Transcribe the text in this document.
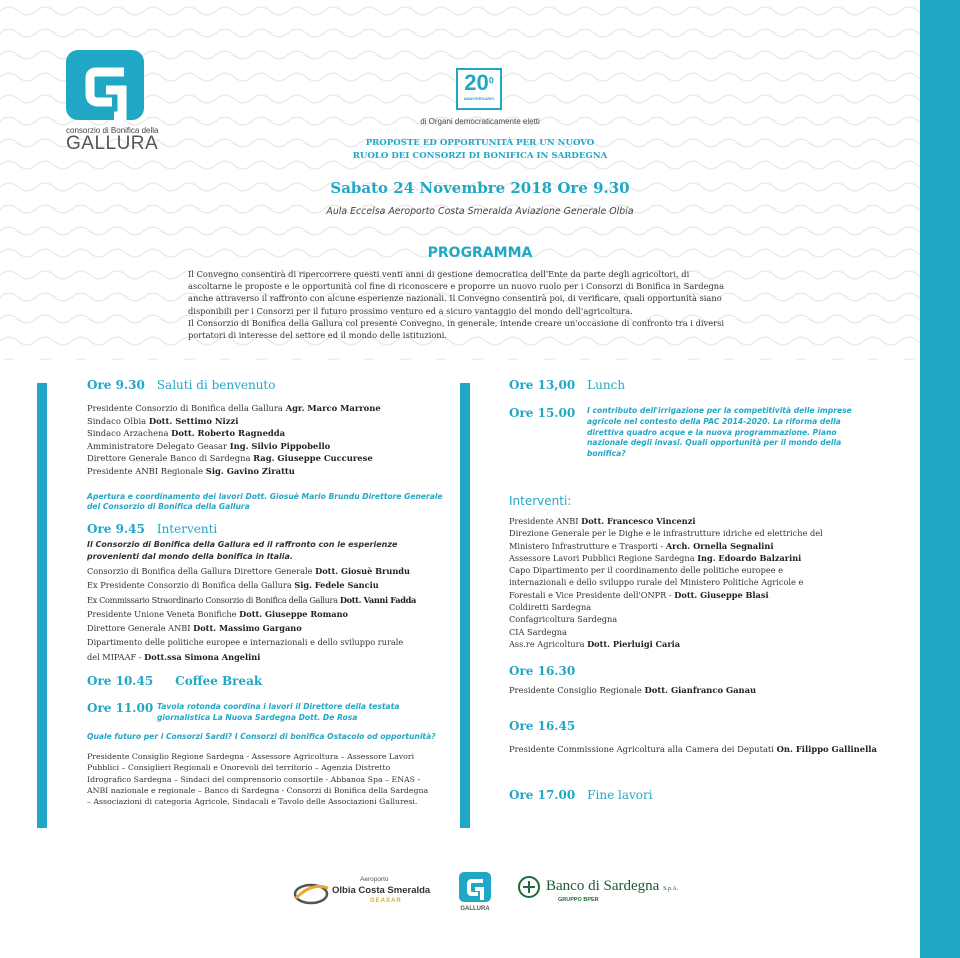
consorzio di Bonifica della
GALLURA
$20^0$
ANNIVERSARIO
di Organi democraticamente eletti
PROPOSTE ED OPPORTUNITÀ PER UN NUOVO
RUOLO DEI CONSORZI DI BONIFICA IN SARDEGNA
Sabato 24 Novembre 2018 Ore 9.30
Aula Eccelsa Aeroporto Costa Smeralda Aviazione Generale Olbia
PROGRAMMA
Il Convegno consentirà di ripercorrere questi venti anni di gestione democratica dell'Ente da parte degli agricoltori, di
ascoltarne le proposte e le opportunità col fine di riconoscere e proporre un nuovo ruolo per i Consorzi di Bonifica in Sardegna
anche attraverso il raffronto con alcune esperienze nazionali. Il Convegno consentirà poi, di verificare, quali opportunità siano
disponibili per i Consorzi per il futuro prossimo venturo ed a sicuro vantaggio del mondo dell'agricoltura.
Il Consorzio di Bonifica della Gallura col presente Convegno, in generale, intende creare un'occasione di confronto tra i diversi
portatori di interesse del settore ed il mondo delle istituzioni.
Ore 9.30 Saluti di benvenuto
Presidente Consorzio di Bonifica della Gallura Agr. Marco Marrone
Sindaco Olbia Dott. Settimo Nizzi
Sindaco Arzachena Dott. Roberto Ragnedda
Amministratore Delegato Geasar Ing. Silvio Pippobello
Direttore Generale Banco di Sardegna Rag. Giuseppe Cuccurese
Presidente ANBI Regionale Sig. Gavino Zirattu
Apertura e coordinamento dei lavori Dott. Giosuè Mario Brundu Direttore Generale
del Consorzio di Bonifica della Gallura
Ore 9.45 Interventi
Il Consorzio di Bonifica della Gallura ed il raffronto con le esperienze
provenienti dal mondo della bonifica in Italia.
Consorzio di Bonifica della Gallura Direttore Generale Dott. Giosuè Brundu
Ex Presidente Consorzio di Bonifica della Gallura Sig. Fedele Sanciu
Ex Commissario Straordinario Consorzio di Bonifica della Gallura Dott. Vanni Fadda
Presidente Unione Veneta Bonifiche Dott. Giuseppe Romano
Direttore Generale ANBI Dott. Massimo Gargano
Dipartimento delle politiche europee e internazionali e dello sviluppo rurale
del MIPAAF - Dott.ssa Simona Angelini
Ore 10.45 Coffee Break
Ore 11.00 Tavola rotonda coordina i lavori il Direttore della testata
giornalistica La Nuova Sardegna Dott. De Rosa
Quale futuro per i Consorzi Sardi? I Consorzi di bonifica Ostacolo od opportunità?
Presidente Consiglio Regione Sardegna - Assessore Agricoltura – Assessore Lavori
Pubblici – Consiglieri Regionali e Onorevoli del territorio – Agenzia Distretto
Idrografico Sardegna – Sindaci del comprensorio consortile - Abbanoa Spa – ENAS -
ANBI nazionale e regionale – Banco di Sardegna - Consorzi di Bonifica della Sardegna
– Associazioni di categoria Agricole, Sindacali e Tavolo delle Associazioni Galluresi.
Ore 13,00 Lunch
Ore 15.00 I contributo dell'irrigazione per la competitività delle imprese
agricole nel contesto della PAC 2014-2020. La riforma della
direttiva quadro acque e la nuova programmazione. Piano
nazionale degli invasi. Quali opportunità per il mondo della
bonifica?
Interventi:
Presidente ANBI Dott. Francesco Vincenzi
Direzione Generale per le Dighe e le infrastrutture idriche ed elettriche del
Ministero Infrastrutture e Trasporti - Arch. Ornella Segnalini
Assessore Lavori Pubblici Regione Sardegna Ing. Edoardo Balzarini
Capo Dipartimento per il coordinamento delle politiche europee e
internazionali e dello sviluppo rurale del Ministero Politiche Agricole e
Forestali e Vice Presidente dell'ONPR - Dott. Giuseppe Blasi
Coldiretti Sardegna
Confagricoltura Sardegna
CIA Sardegna
Ass.re Agricoltura Dott. Pierluigi Caria
Ore 16.30
Presidente Consiglio Regionale Dott. Gianfranco Ganau
Ore 16.45
Presidente Commissione Agricoltura alla Camera dei Deputati On. Filippo Gallinella
Ore 17.00 Fine lavori
Aeroporto
Olbia Costa Smeralda
GEASAR
GALLURA
Banco di Sardegna S.p.A.
GRUPPO BPER
